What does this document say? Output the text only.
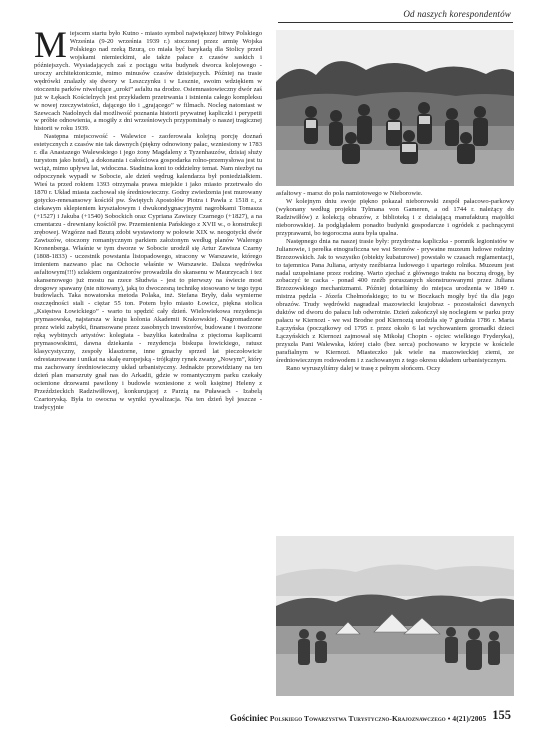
Od naszych korespondentów

Miejscem startu było Kutno - miasto symbol największej bitwy Polskiego Września (9-20 września 1939 r.) stoczonej przez armię Wojska Polskiego nad rzeką Bzurą, co miała być barykadą dla Stolicy przed wojskami niemieckimi, ale także pałace z czasów saskich i późniejszych. Wysiadających zaś z pociągu wita budynek dworca kolejowego - uroczy architektonicznie, mimo minusów czasów dzisiejszych. Później na trasie wędrówki znalazły się dwory w Leszczynku i w Lesznie, swoim wdziękiem w otoczeniu parków niwelujące „uroki” asfaltu na drodze. Osiemnastowieczny dwór zaś już w Łękach Kościelnych jest przykładem przetrwania i istnienia całego kompleksu w nowej rzeczywistości, dającego tło i „grającego” w filmach. Nocleg natomiast w Szewcach Nadolnych dał możliwość poznania historii prywatnej kapliczki i perypetii w próbie odnowienia, a mogiły z dni wrześniowych przypominały o naszej tragicznej historii w roku 1939.

Następna miejscowość - Walewice - zaoferowała kolejną porcję doznań estetycznych z czasów nie tak dawnych (piękny odnowiony pałac, wzniesiony w 1783 r. dla Anastazego Walewskiego i jego żony Magdaleny z Tyzenhauzów, dzisiaj służy turystom jako hotel), a dokonania i całościowa gospodarka rolno-przemysłowa jest tu wciąż, mimo upływu lat, widoczna. Stadnina koni to oddzielny temat. Nam niezbyt na odpoczynek wypadł w Sobocie, ale dzień wędrug kalendarza był poniedziałkiem. Wieś ta przed rokiem 1393 otrzymała prawa miejskie i jako miasto przetrwało do 1870 r. Układ miasta zachował się średniowieczny. Godny zwiedzenia jest murowany gotycko-renesansowy kościół pw. Świętych Apostołów Piotra i Pawła z 1518 r., z ciekawym sklepieniem kryształowym i dwukondygnacyjnymi nagrobkami Tomasza (+1527) i Jakuba (+1540) Sobockich oraz Cypriana Zawiszy Czarnego (+1827), a na cmentarzu - drewniany kościół pw. Przemienienia Pańskiego z XVII w., o konstrukcji zrębowej. Wzgórze nad Bzurą zdobi wystawiony w połowie XIX w. neogotycki dwór Zawiszów, otoczony romantycznym parkiem założonym według planów Walerego Kronenberga. Właśnie w tym dworze w Sobocie urodził się Artur Zawisza Czarny (1808-1833) - uczestnik powstania listopadowego, stracony w Warszawie, którego imieniem nazwano plac na Ochocie właśnie w Warszawie. Dalsza wędrówka asfaltowym(!!!) szlakiem organizatorów prowadziła do skansenu w Maurzycach i tez skansenowego już mostu na rzece Słudwia - jest to pierwszy na świecie most drogowy spawany (nie nitowany), jaką to dwoczesną technikę stosowano w tego typu budowlach. Taka nowatorska metoda Polaka, inż. Stefana Bryły, dała wymierne oszczędności stali - ciężar 55 ton. Potem było miasto Łowicz, piękna stolica „Księstwa Łowickiego” - warto tu spędzić cały dzień. Wielowiekowa rezydencja prymasowska, najstarsza w kraju kolonia Akademii Krakowskiej. Nagromadzone przez wieki zabytki, finansowane przez zasobnych inwestorów, budowane i tworzone ręką wybitnych artystów: kolegiata - bazylika katedralna z pięcioma kaplicami prymasowskimi, dawna dziekania - rezydencja biskupa łowickiego, ratusz klasycystyczny, zespoły klasztorne, inne gmachy sprzed lat pieczołowicie odrestaurowane i unikat na skalę europejską - trójkątny rynek zwany „Nowym”, który ma zachowany średniowieczny układ urbanistyczny. Jednakże przewidziany na ten dzień plan marszruty gnał nas do Arkadii, gdzie w romantycznym parku czekały ocienione drzewami pawilony i budowle wzniesione z woli księżnej Heleny z Przeździeckich Radziwiłłowej, konkurującej z Parzią na Puławach - Izabelą Czartoryską. Była to owocna w wyniki rywalizacja. Na ten dzień był jeszcze - tradycyjnie

asfaltowy - marsz do pola namiotowego w Nieborowie.

W kolejnym dniu swoje piękno pokazał nieborowski zespół pałacowo-parkowy (wykonany według projektu Tylmana von Gameren, a od 1744 r. należący do Radziwiłłów) z kolekcją obrazów, z biblioteką i z działającą manufakturą majoliki nieborowskiej. Ja podglądałem ponadto budynki gospodarcze i ogródek z pachnącymi przyprawami, bo tegoroczna aura była upalna.

Następnego dnia na naszej trasie były: przydrożna kapliczka - pomnik legionistów w Julianowie, i perełka etnograficzna we wsi Sromów - prywatne muzeum ludowe rodziny Brzozowskich. Jak to wszystko (obiekty kubaturowe) powstało w czasach reglamentacji, to tajemnica Pana Juliana, artysty rzeźbiarza ludowego i upartego rolnika. Muzeum jest nadal uzupełniane przez rodzinę. Warto zjechać z głównego traktu na boczną drogę, by zobaczyć te cacka - ponad 400 rzeźb poruszanych skonstruowanymi przez Juliana Brzozowskiego mechanizmami. Później dotarliśmy do miejsca urodzenia w 1849 r. mistrza pędzla - Józefa Chełmońskiego; to tu w Boczkach mogły być tła dla jego obrazów. Trudy wędrówki nagradzał mazowiecki krajobraz - pozostałości dawnych duktów od dworu do pałacu lub odwrotnie. Dzień zakończył się noclegiem w parku przy pałacu w Kiernozi - we wsi Brodne pod Kiernozią urodziła się 7 grudnia 1786 r. Maria Łączyńska (początkowy od 1795 r. przez około 6 lat wychowaniem gromadki dzieci Łączyńskich z Kiernozi zajmował się Mikołaj Chopin - ojciec wielkiego Fryderyka), przyszła Pani Walewska, której ciało (bez serca) pochowano w krypcie w kościele parafialnym w Kiernozi. Miasteczko jak wiele na mazowieckiej ziemi, ze średniowiecznym rodowodem i z zachowanym z tego okresu układem urbanistycznym.

Rano wyruszyliśmy dalej w trasę z pełnym słońcem. Oczy

Gościniec Polskiego Towarzystwa Turystyczno-Krajoznawczego • 4(21)/2005 155
